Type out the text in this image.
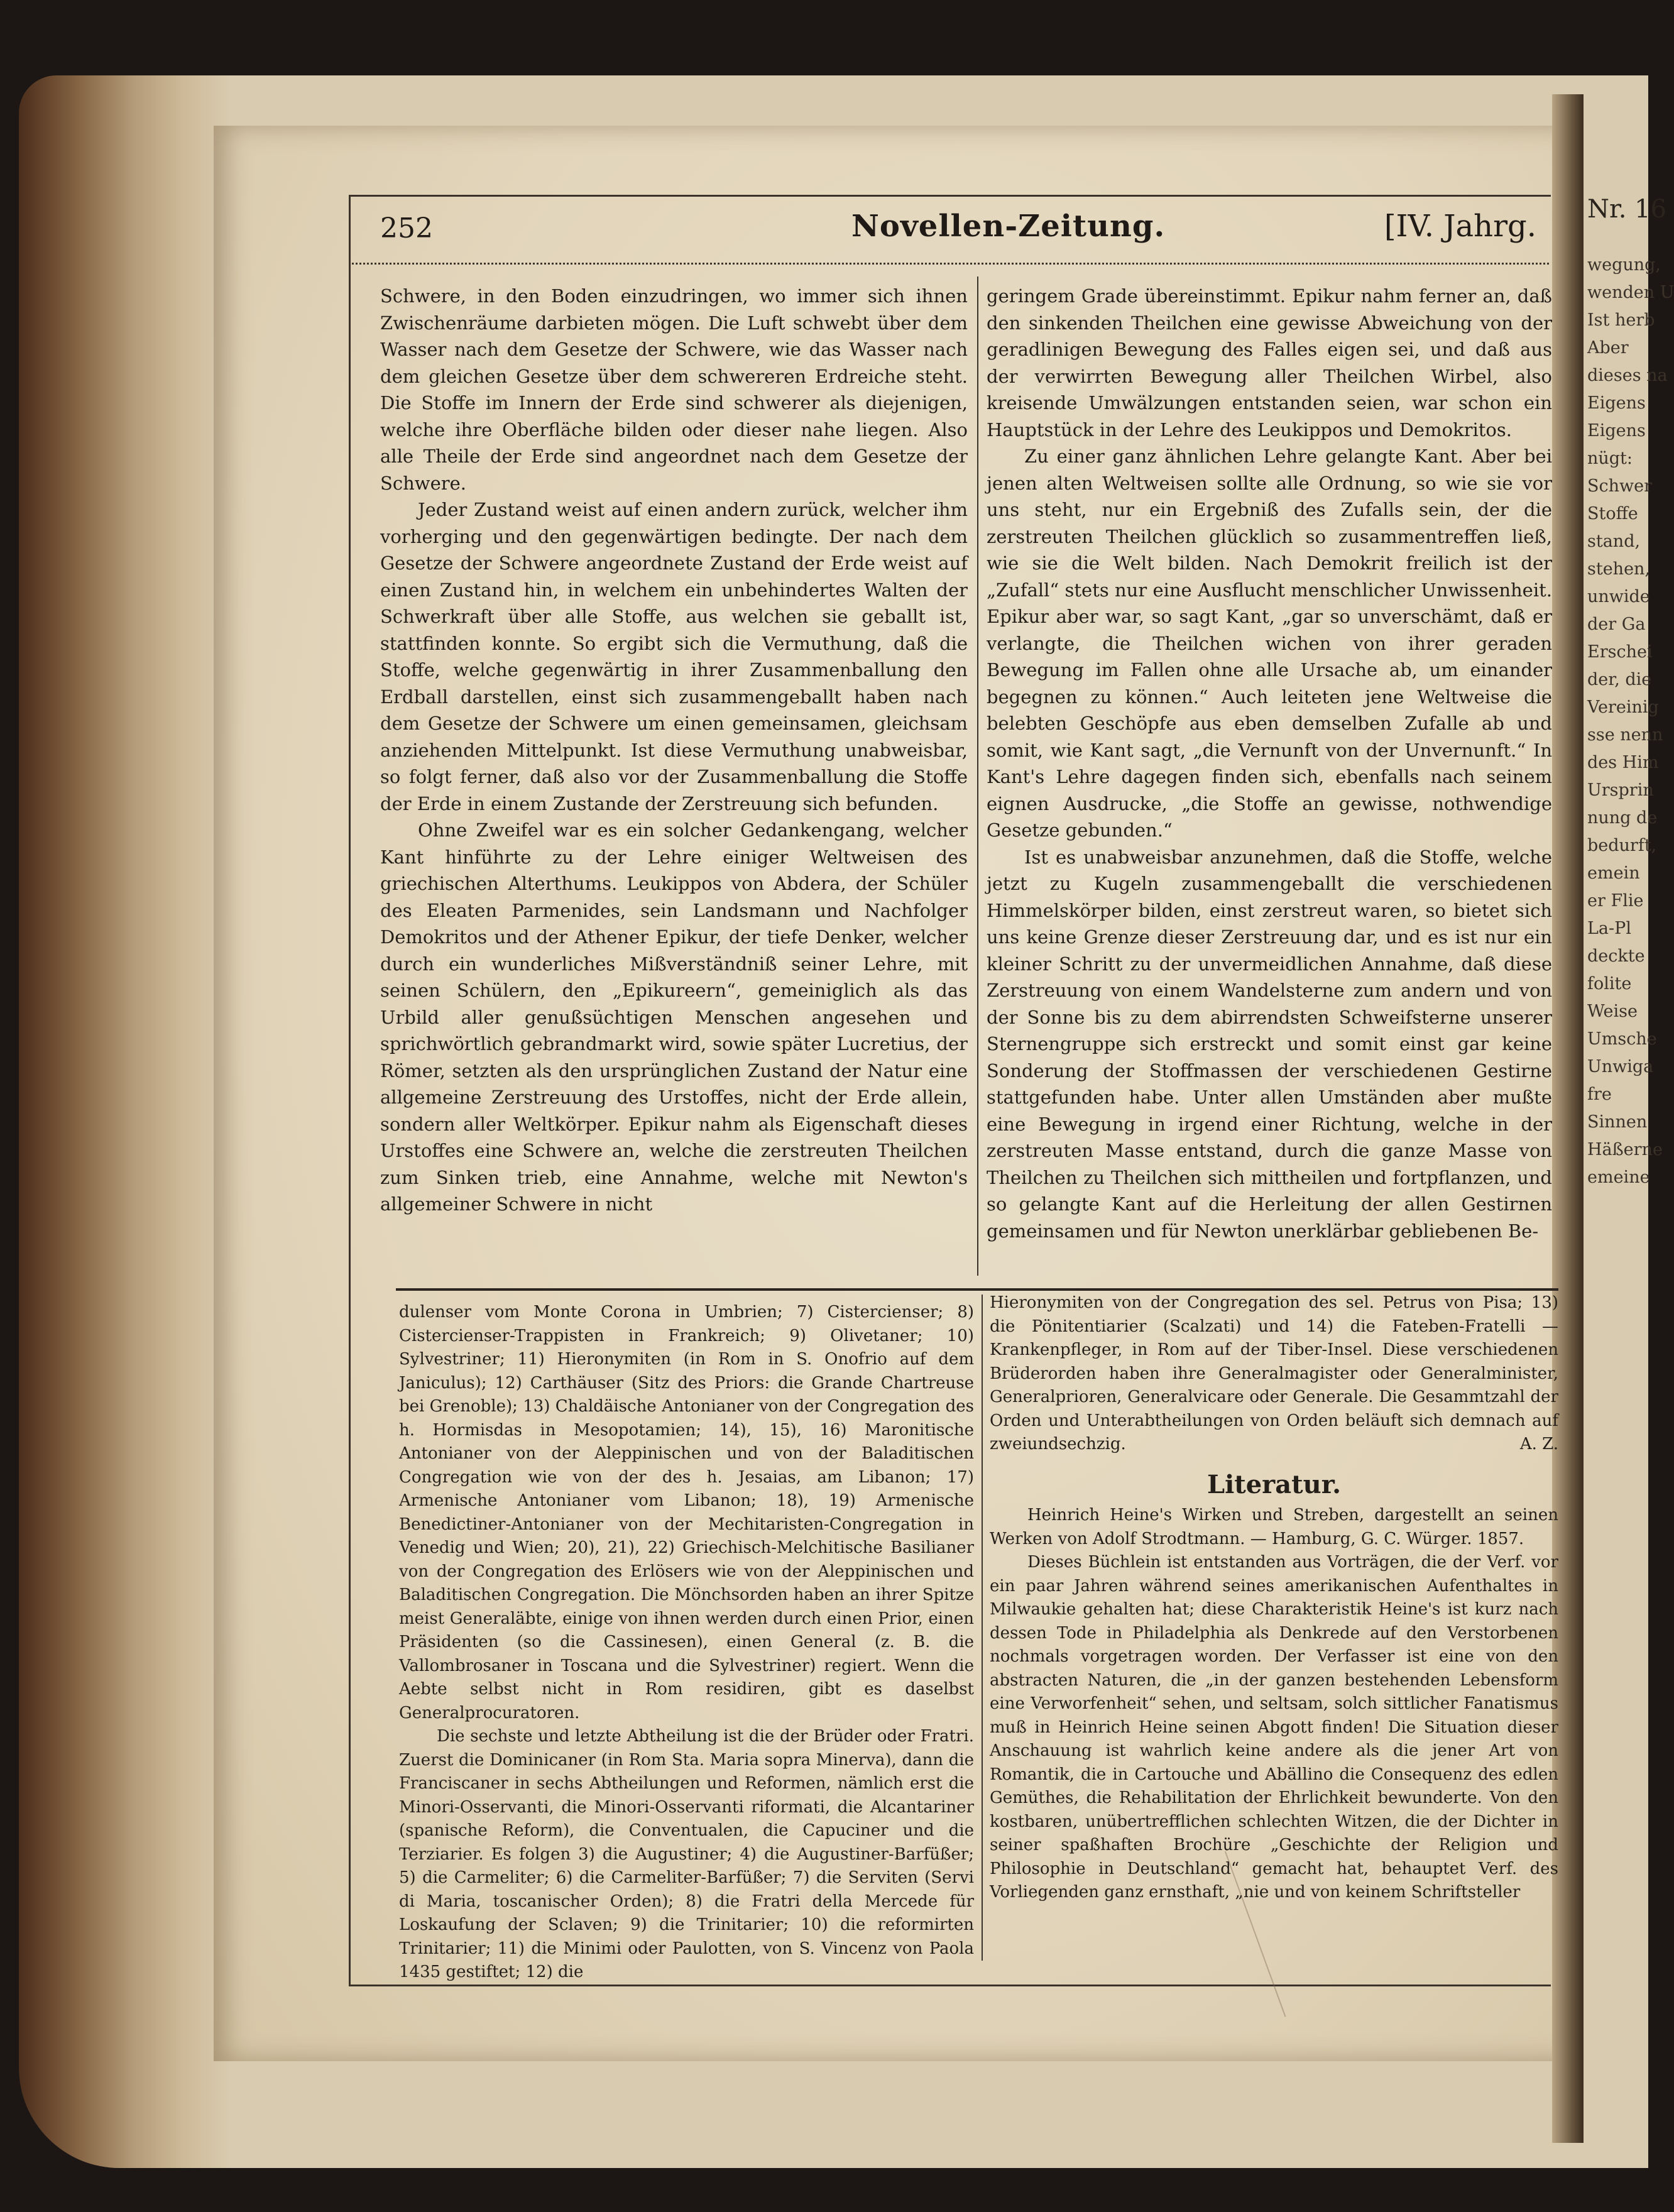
Nr. 16
wegung,
wenden U
Ist herb
Aber
dieses na
Eigens
Eigens
nügt:
Schwer
Stoffe
stand,
stehen,
unwide
der Ga
Erschei
der, die
Vereinig
sse nenn
des Him
Ursprin
nung de
bedurft,
emein
er Flie
La-Pl
deckte
folite
Weise
Umsche
Unwiga
fre
Sinnen
Häßerne
emeine
252	Novellen-Zeitung.	[IV. Jahrg.

Schwere, in den Boden einzudringen, wo immer sich ihnen Zwischenräume darbieten mögen. Die Luft schwebt über dem Wasser nach dem Gesetze der Schwere, wie das Wasser nach dem gleichen Gesetze über dem schwereren Erdreiche steht. Die Stoffe im Innern der Erde sind schwerer als diejenigen, welche ihre Oberfläche bilden oder dieser nahe liegen. Also alle Theile der Erde sind angeordnet nach dem Gesetze der Schwere.

Jeder Zustand weist auf einen andern zurück, welcher ihm vorherging und den gegenwärtigen bedingte. Der nach dem Gesetze der Schwere angeordnete Zustand der Erde weist auf einen Zustand hin, in welchem ein unbehindertes Walten der Schwerkraft über alle Stoffe, aus welchen sie geballt ist, stattfinden konnte. So ergibt sich die Vermuthung, daß die Stoffe, welche gegenwärtig in ihrer Zusammenballung den Erdball darstellen, einst sich zusammengeballt haben nach dem Gesetze der Schwere um einen gemeinsamen, gleichsam anziehenden Mittelpunkt. Ist diese Vermuthung unabweisbar, so folgt ferner, daß also vor der Zusammenballung die Stoffe der Erde in einem Zustande der Zerstreuung sich befunden.

Ohne Zweifel war es ein solcher Gedankengang, welcher Kant hinführte zu der Lehre einiger Weltweisen des griechischen Alterthums. Leukippos von Abdera, der Schüler des Eleaten Parmenides, sein Landsmann und Nachfolger Demokritos und der Athener Epikur, der tiefe Denker, welcher durch ein wunderliches Mißverständniß seiner Lehre, mit seinen Schülern, den „Epikureern“, gemeiniglich als das Urbild aller genußsüchtigen Menschen angesehen und sprichwörtlich gebrandmarkt wird, sowie später Lucretius, der Römer, setzten als den ursprünglichen Zustand der Natur eine allgemeine Zerstreuung des Urstoffes, nicht der Erde allein, sondern aller Weltkörper. Epikur nahm als Eigenschaft dieses Urstoffes eine Schwere an, welche die zerstreuten Theilchen zum Sinken trieb, eine Annahme, welche mit Newton's allgemeiner Schwere in nicht

geringem Grade übereinstimmt. Epikur nahm ferner an, daß den sinkenden Theilchen eine gewisse Abweichung von der geradlinigen Bewegung des Falles eigen sei, und daß aus der verwirrten Bewegung aller Theilchen Wirbel, also kreisende Umwälzungen entstanden seien, war schon ein Hauptstück in der Lehre des Leukippos und Demokritos.

Zu einer ganz ähnlichen Lehre gelangte Kant. Aber bei jenen alten Weltweisen sollte alle Ordnung, so wie sie vor uns steht, nur ein Ergebniß des Zufalls sein, der die zerstreuten Theilchen glücklich so zusammentreffen ließ, wie sie die Welt bilden. Nach Demokrit freilich ist der „Zufall“ stets nur eine Ausflucht menschlicher Unwissenheit. Epikur aber war, so sagt Kant, „gar so unverschämt, daß er verlangte, die Theilchen wichen von ihrer geraden Bewegung im Fallen ohne alle Ursache ab, um einander begegnen zu können.“ Auch leiteten jene Weltweise die belebten Geschöpfe aus eben demselben Zufalle ab und somit, wie Kant sagt, „die Vernunft von der Unvernunft.“ In Kant's Lehre dagegen finden sich, ebenfalls nach seinem eignen Ausdrucke, „die Stoffe an gewisse, nothwendige Gesetze gebunden.“

Ist es unabweisbar anzunehmen, daß die Stoffe, welche jetzt zu Kugeln zusammengeballt die verschiedenen Himmelskörper bilden, einst zerstreut waren, so bietet sich uns keine Grenze dieser Zerstreuung dar, und es ist nur ein kleiner Schritt zu der unvermeidlichen Annahme, daß diese Zerstreuung von einem Wandelsterne zum andern und von der Sonne bis zu dem abirrendsten Schweifsterne unserer Sternengruppe sich erstreckt und somit einst gar keine Sonderung der Stoffmassen der verschiedenen Gestirne stattgefunden habe. Unter allen Umständen aber mußte eine Bewegung in irgend einer Richtung, welche in der zerstreuten Masse entstand, durch die ganze Masse von Theilchen zu Theilchen sich mittheilen und fortpflanzen, und so gelangte Kant auf die Herleitung der allen Gestirnen gemeinsamen und für Newton unerklärbar gebliebenen Be-

dulenser vom Monte Corona in Umbrien; 7) Cistercienser; 8) Cistercienser-Trappisten in Frankreich; 9) Olivetaner; 10) Sylvestriner; 11) Hieronymiten (in Rom in S. Onofrio auf dem Janiculus); 12) Carthäuser (Sitz des Priors: die Grande Chartreuse bei Grenoble); 13) Chaldäische Antonianer von der Congregation des h. Hormisdas in Mesopotamien; 14), 15), 16) Maronitische Antonianer von der Aleppinischen und von der Baladitischen Congregation wie von der des h. Jesaias, am Libanon; 17) Armenische Antonianer vom Libanon; 18), 19) Armenische Benedictiner-Antonianer von der Mechitaristen-Congregation in Venedig und Wien; 20), 21), 22) Griechisch-Melchitische Basilianer von der Congregation des Erlösers wie von der Aleppinischen und Baladitischen Congregation. Die Mönchsorden haben an ihrer Spitze meist Generaläbte, einige von ihnen werden durch einen Prior, einen Präsidenten (so die Cassinesen), einen General (z. B. die Vallombrosaner in Toscana und die Sylvestriner) regiert. Wenn die Aebte selbst nicht in Rom residiren, gibt es daselbst Generalprocuratoren.

Die sechste und letzte Abtheilung ist die der Brüder oder Fratri. Zuerst die Dominicaner (in Rom Sta. Maria sopra Minerva), dann die Franciscaner in sechs Abtheilungen und Reformen, nämlich erst die Minori-Osservanti, die Minori-Osservanti riformati, die Alcantariner (spanische Reform), die Conventualen, die Capuciner und die Terziarier. Es folgen 3) die Augustiner; 4) die Augustiner-Barfüßer; 5) die Carmeliter; 6) die Carmeliter-Barfüßer; 7) die Serviten (Servi di Maria, toscanischer Orden); 8) die Fratri della Mercede für Loskaufung der Sclaven; 9) die Trinitarier; 10) die reformirten Trinitarier; 11) die Minimi oder Paulotten, von S. Vincenz von Paola 1435 gestiftet; 12) die

Hieronymiten von der Congregation des sel. Petrus von Pisa; 13) die Pönitentiarier (Scalzati) und 14) die Fateben-Fratelli — Krankenpfleger, in Rom auf der Tiber-Insel. Diese verschiedenen Brüderorden haben ihre Generalmagister oder Generalminister, Generalprioren, Generalvicare oder Generale. Die Gesammtzahl der Orden und Unterabtheilungen von Orden beläuft sich demnach auf zweiundsechzig.	A. Z.

Literatur.

Heinrich Heine's Wirken und Streben, dargestellt an seinen Werken von Adolf Strodtmann. — Hamburg, G. C. Würger. 1857.

Dieses Büchlein ist entstanden aus Vorträgen, die der Verf. vor ein paar Jahren während seines amerikanischen Aufenthaltes in Milwaukie gehalten hat; diese Charakteristik Heine's ist kurz nach dessen Tode in Philadelphia als Denkrede auf den Verstorbenen nochmals vorgetragen worden. Der Verfasser ist eine von den abstracten Naturen, die „in der ganzen bestehenden Lebensform eine Verworfenheit“ sehen, und seltsam, solch sittlicher Fanatismus muß in Heinrich Heine seinen Abgott finden! Die Situation dieser Anschauung ist wahrlich keine andere als die jener Art von Romantik, die in Cartouche und Abällino die Consequenz des edlen Gemüthes, die Rehabilitation der Ehrlichkeit bewunderte. Von den kostbaren, unübertrefflichen schlechten Witzen, die der Dichter in seiner spaßhaften Brochüre „Geschichte der Religion und Philosophie in Deutschland“ gemacht hat, behauptet Verf. des Vorliegenden ganz ernsthaft, „nie und von keinem Schriftsteller
